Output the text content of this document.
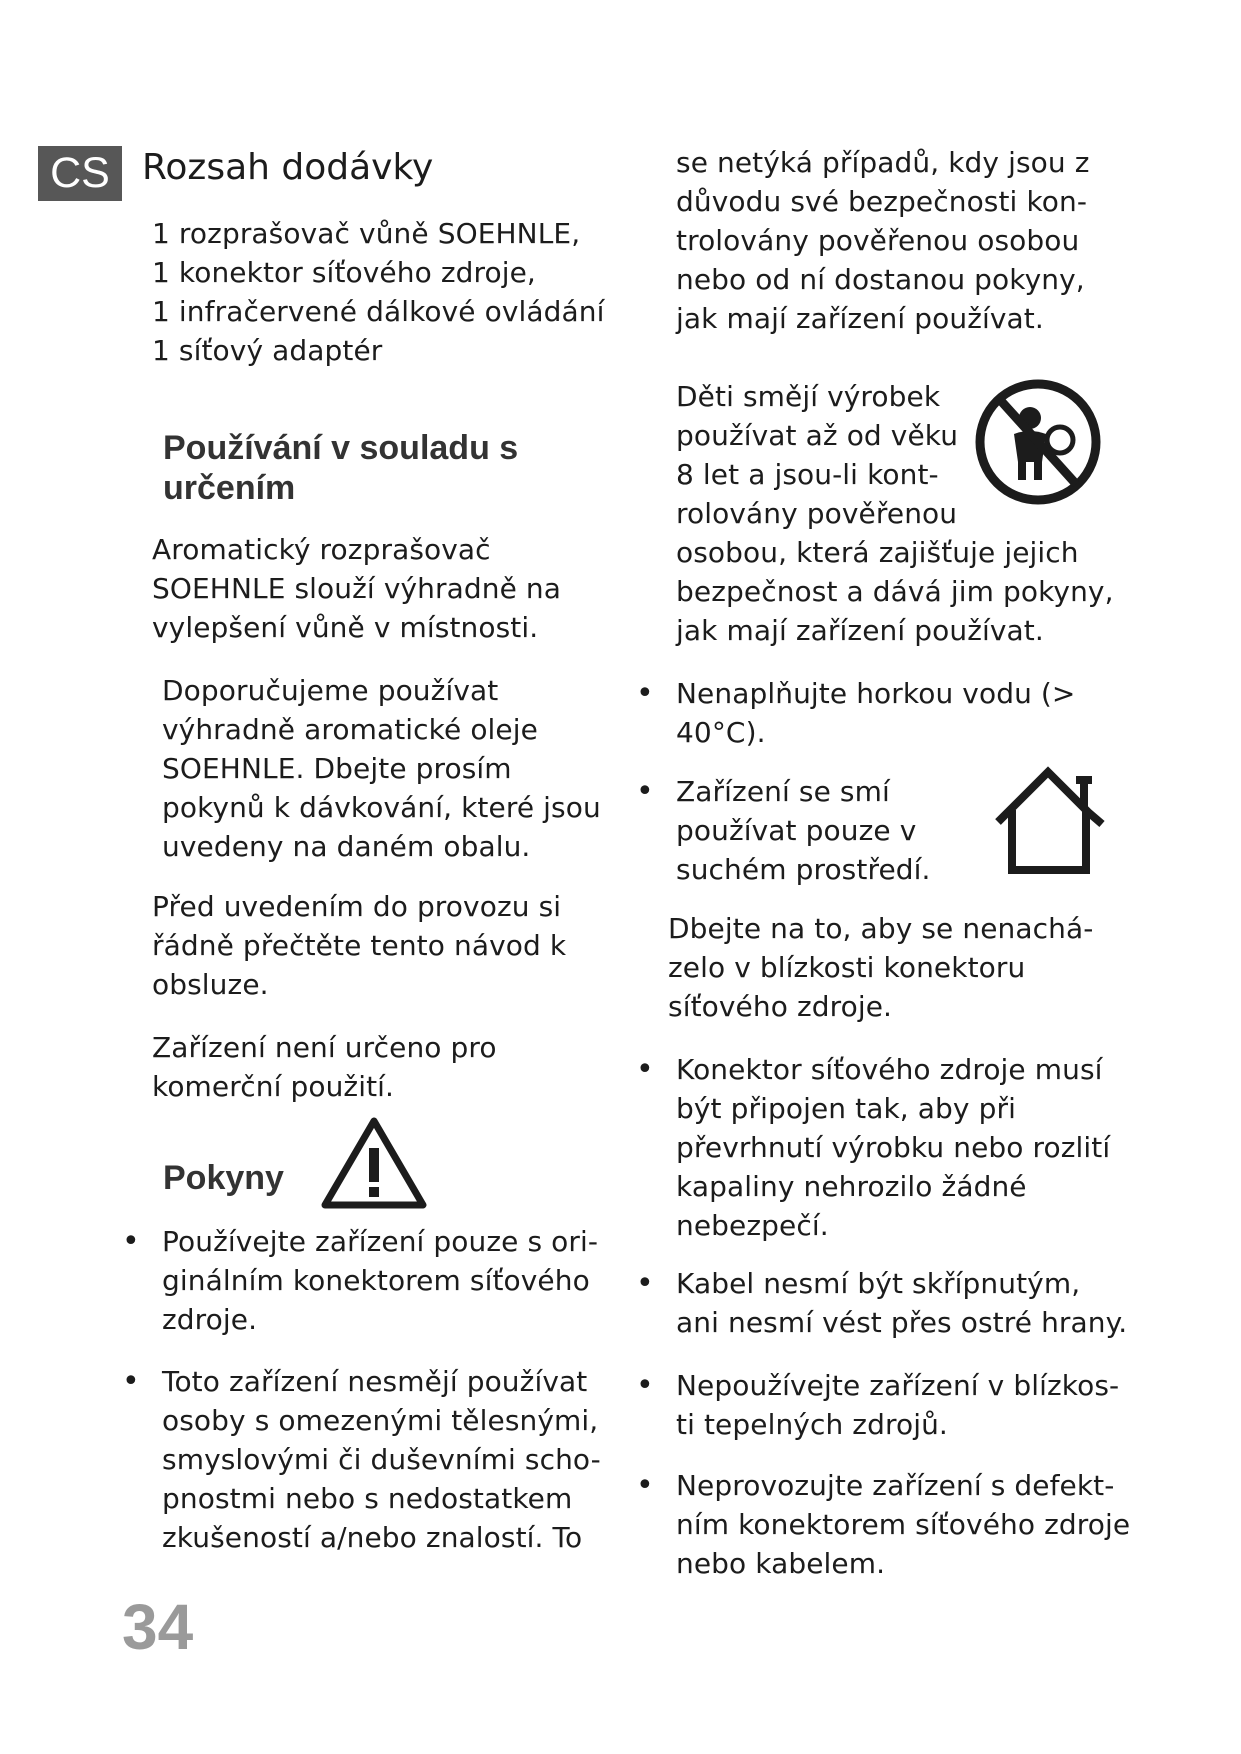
CS Rozsah dodávky
1 rozprašovač vůně SOEHNLE,
1 konektor síťového zdroje,
1 infračervené dálkové ovládání
1 síťový adaptér
Používání v souladu s
určením
Aromatický rozprašovač
SOEHNLE slouží výhradně na
vylepšení vůně v místnosti.
Doporučujeme používat
výhradně aromatické oleje
SOEHNLE. Dbejte prosím
pokynů k dávkování, které jsou
uvedeny na daném obalu.
Před uvedením do provozu si
řádně přečtěte tento návod k
obsluze.
Zařízení není určeno pro
komerční použití.
Pokyny
• Používejte zařízení pouze s ori-
ginálním konektorem síťového
zdroje.
• Toto zařízení nesmějí používat
osoby s omezenými tělesnými,
smyslovými či duševními scho-
pnostmi nebo s nedostatkem
zkušeností a/nebo znalostí. To
se netýká případů, kdy jsou z
důvodu své bezpečnosti kon-
trolovány pověřenou osobou
nebo od ní dostanou pokyny,
jak mají zařízení používat.
Děti smějí výrobek
používat až od věku
8 let a jsou-li kont-
rolovány pověřenou
osobou, která zajišťuje jejich
bezpečnost a dává jim pokyny,
jak mají zařízení používat.
• Nenaplňujte horkou vodu (>
40°C).
• Zařízení se smí
používat pouze v
suchém prostředí.
Dbejte na to, aby se nenachá-
zelo v blízkosti konektoru
síťového zdroje.
• Konektor síťového zdroje musí
být připojen tak, aby při
převrhnutí výrobku nebo rozlití
kapaliny nehrozilo žádné
nebezpečí.
• Kabel nesmí být skřípnutým,
ani nesmí vést přes ostré hrany.
• Nepoužívejte zařízení v blízkos-
ti tepelných zdrojů.
• Neprovozujte zařízení s defekt-
ním konektorem síťového zdroje
nebo kabelem.
34
